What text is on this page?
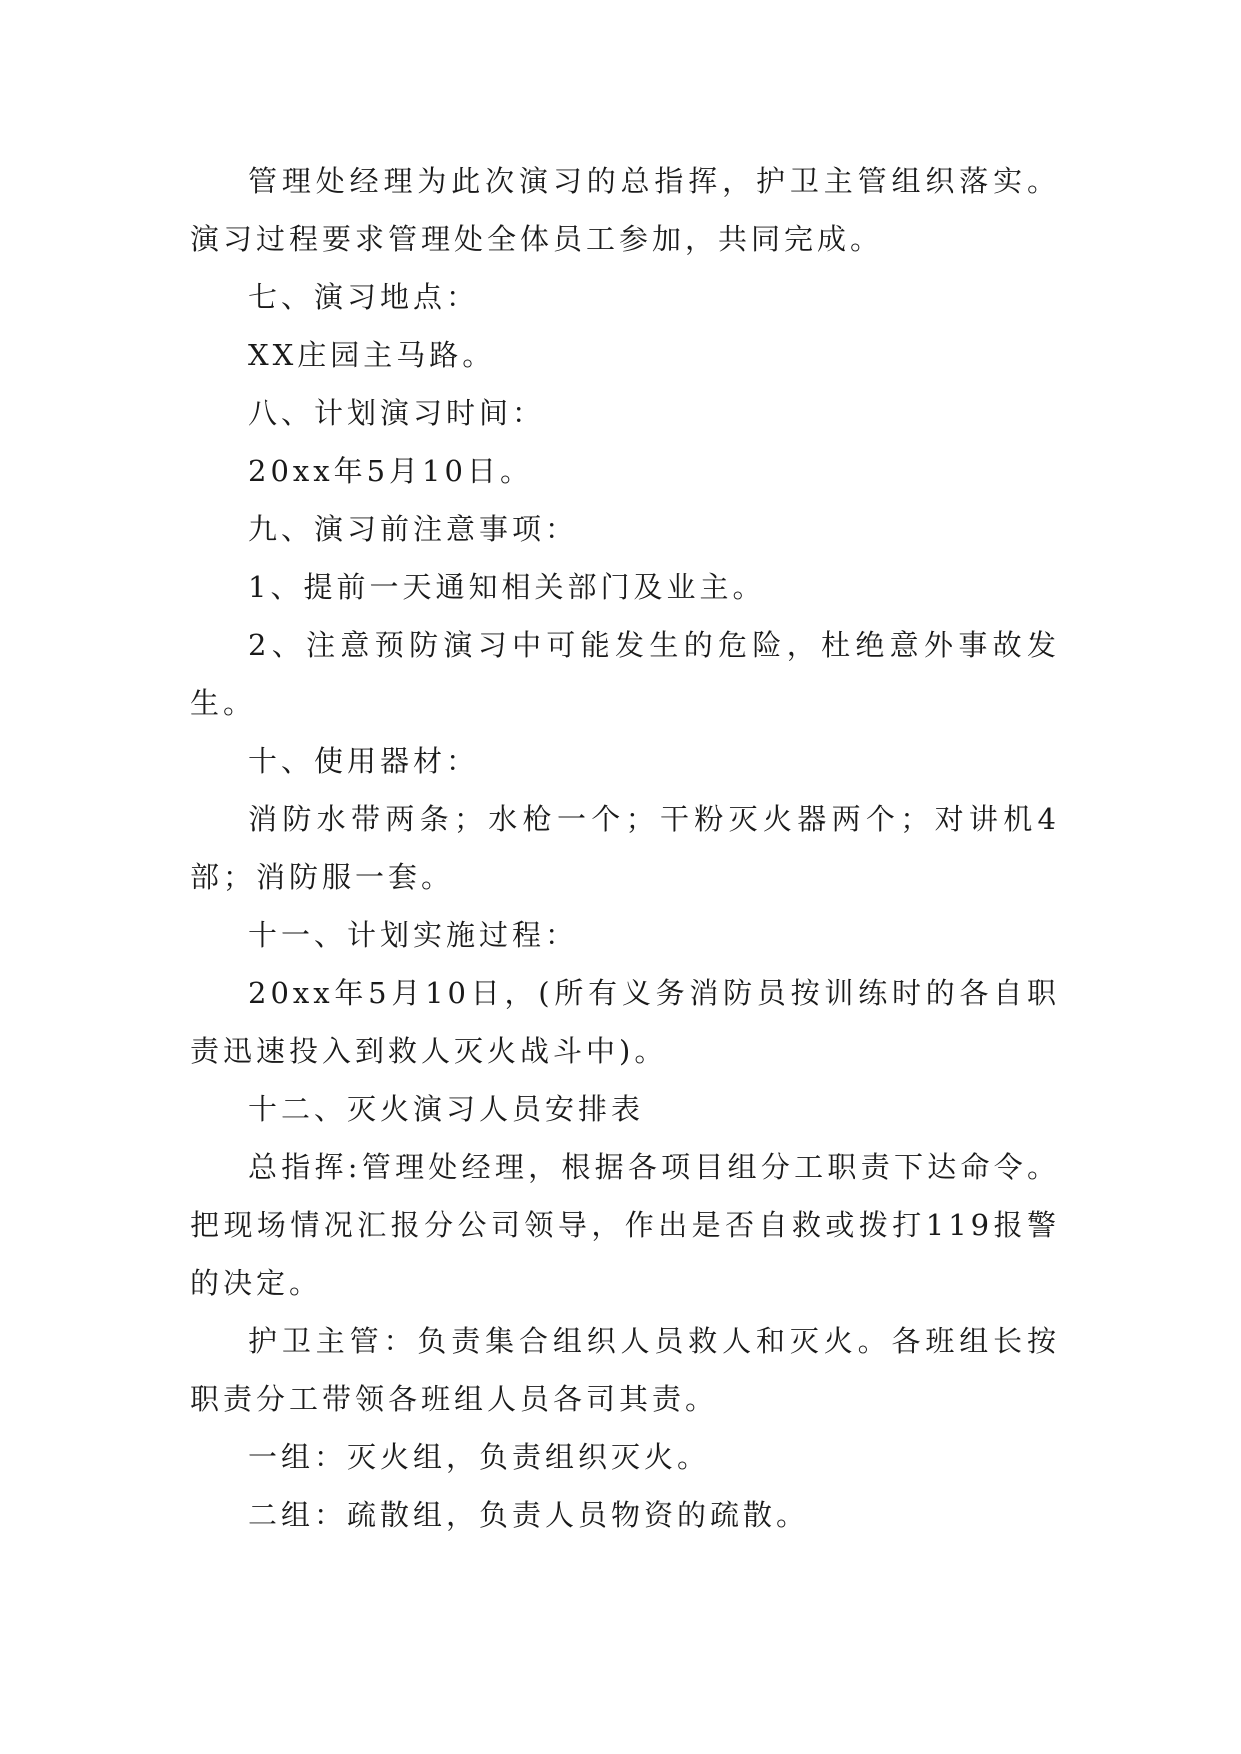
管理处经理为此次演习的总指挥，护卫主管组织落实。演习过程要求管理处全体员工参加，共同完成。

七、演习地点：

XX庄园主马路。

八、计划演习时间：

20xx年5月10日。

九、演习前注意事项：

1、提前一天通知相关部门及业主。

2、注意预防演习中可能发生的危险，杜绝意外事故发生。

十、使用器材：

消防水带两条；水枪一个；干粉灭火器两个；对讲机4部；消防服一套。

十一、计划实施过程：

20xx年5月10日，(所有义务消防员按训练时的各自职责迅速投入到救人灭火战斗中)。

十二、灭火演习人员安排表

总指挥:管理处经理，根据各项目组分工职责下达命令。把现场情况汇报分公司领导，作出是否自救或拨打119报警的决定。

护卫主管：负责集合组织人员救人和灭火。各班组长按职责分工带领各班组人员各司其责。

一组：灭火组，负责组织灭火。

二组：疏散组，负责人员物资的疏散。
